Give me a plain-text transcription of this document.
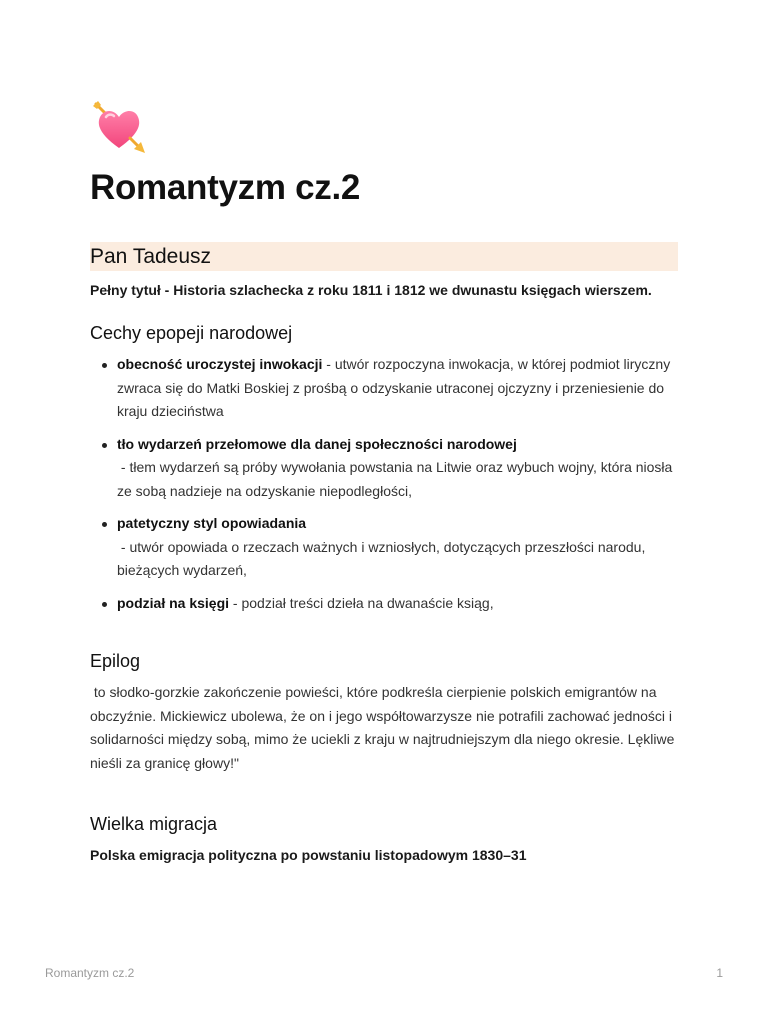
Romantyzm cz.2
Pan Tadeusz

Pełny tytuł - Historia szlachecka z roku 1811 i 1812 we dwunastu księgach wierszem.

Cechy epopeji narodowej
obecność uroczystej inwokacji - utwór rozpoczyna inwokacja, w której podmiot liryczny zwraca się do Matki Boskiej z prośbą o odzyskanie utraconej ojczyzny i przeniesienie do kraju dzieciństwa
tło wydarzeń przełomowe dla danej społeczności narodowej
- tłem wydarzeń są próby wywołania powstania na Litwie oraz wybuch wojny, która niosła ze sobą nadzieje na odzyskanie niepodległości,
patetyczny styl opowiadania
- utwór opowiada o rzeczach ważnych i wzniosłych, dotyczących przeszłości narodu, bieżących wydarzeń,
podział na księgi - podział treści dzieła na dwanaście ksiąg,
Epilog

to słodko-gorzkie zakończenie powieści, które podkreśla cierpienie polskich emigrantów na obczyźnie. Mickiewicz ubolewa, że on i jego współtowarzysze nie potrafili zachować jedności i solidarności między sobą, mimo że uciekli z kraju w najtrudniejszym dla niego okresie. Lękliwe nieśli za granicę głowy!"

Wielka migracja

Polska emigracja polityczna po powstaniu listopadowym 1830–31

Romantyzm cz.2	1
